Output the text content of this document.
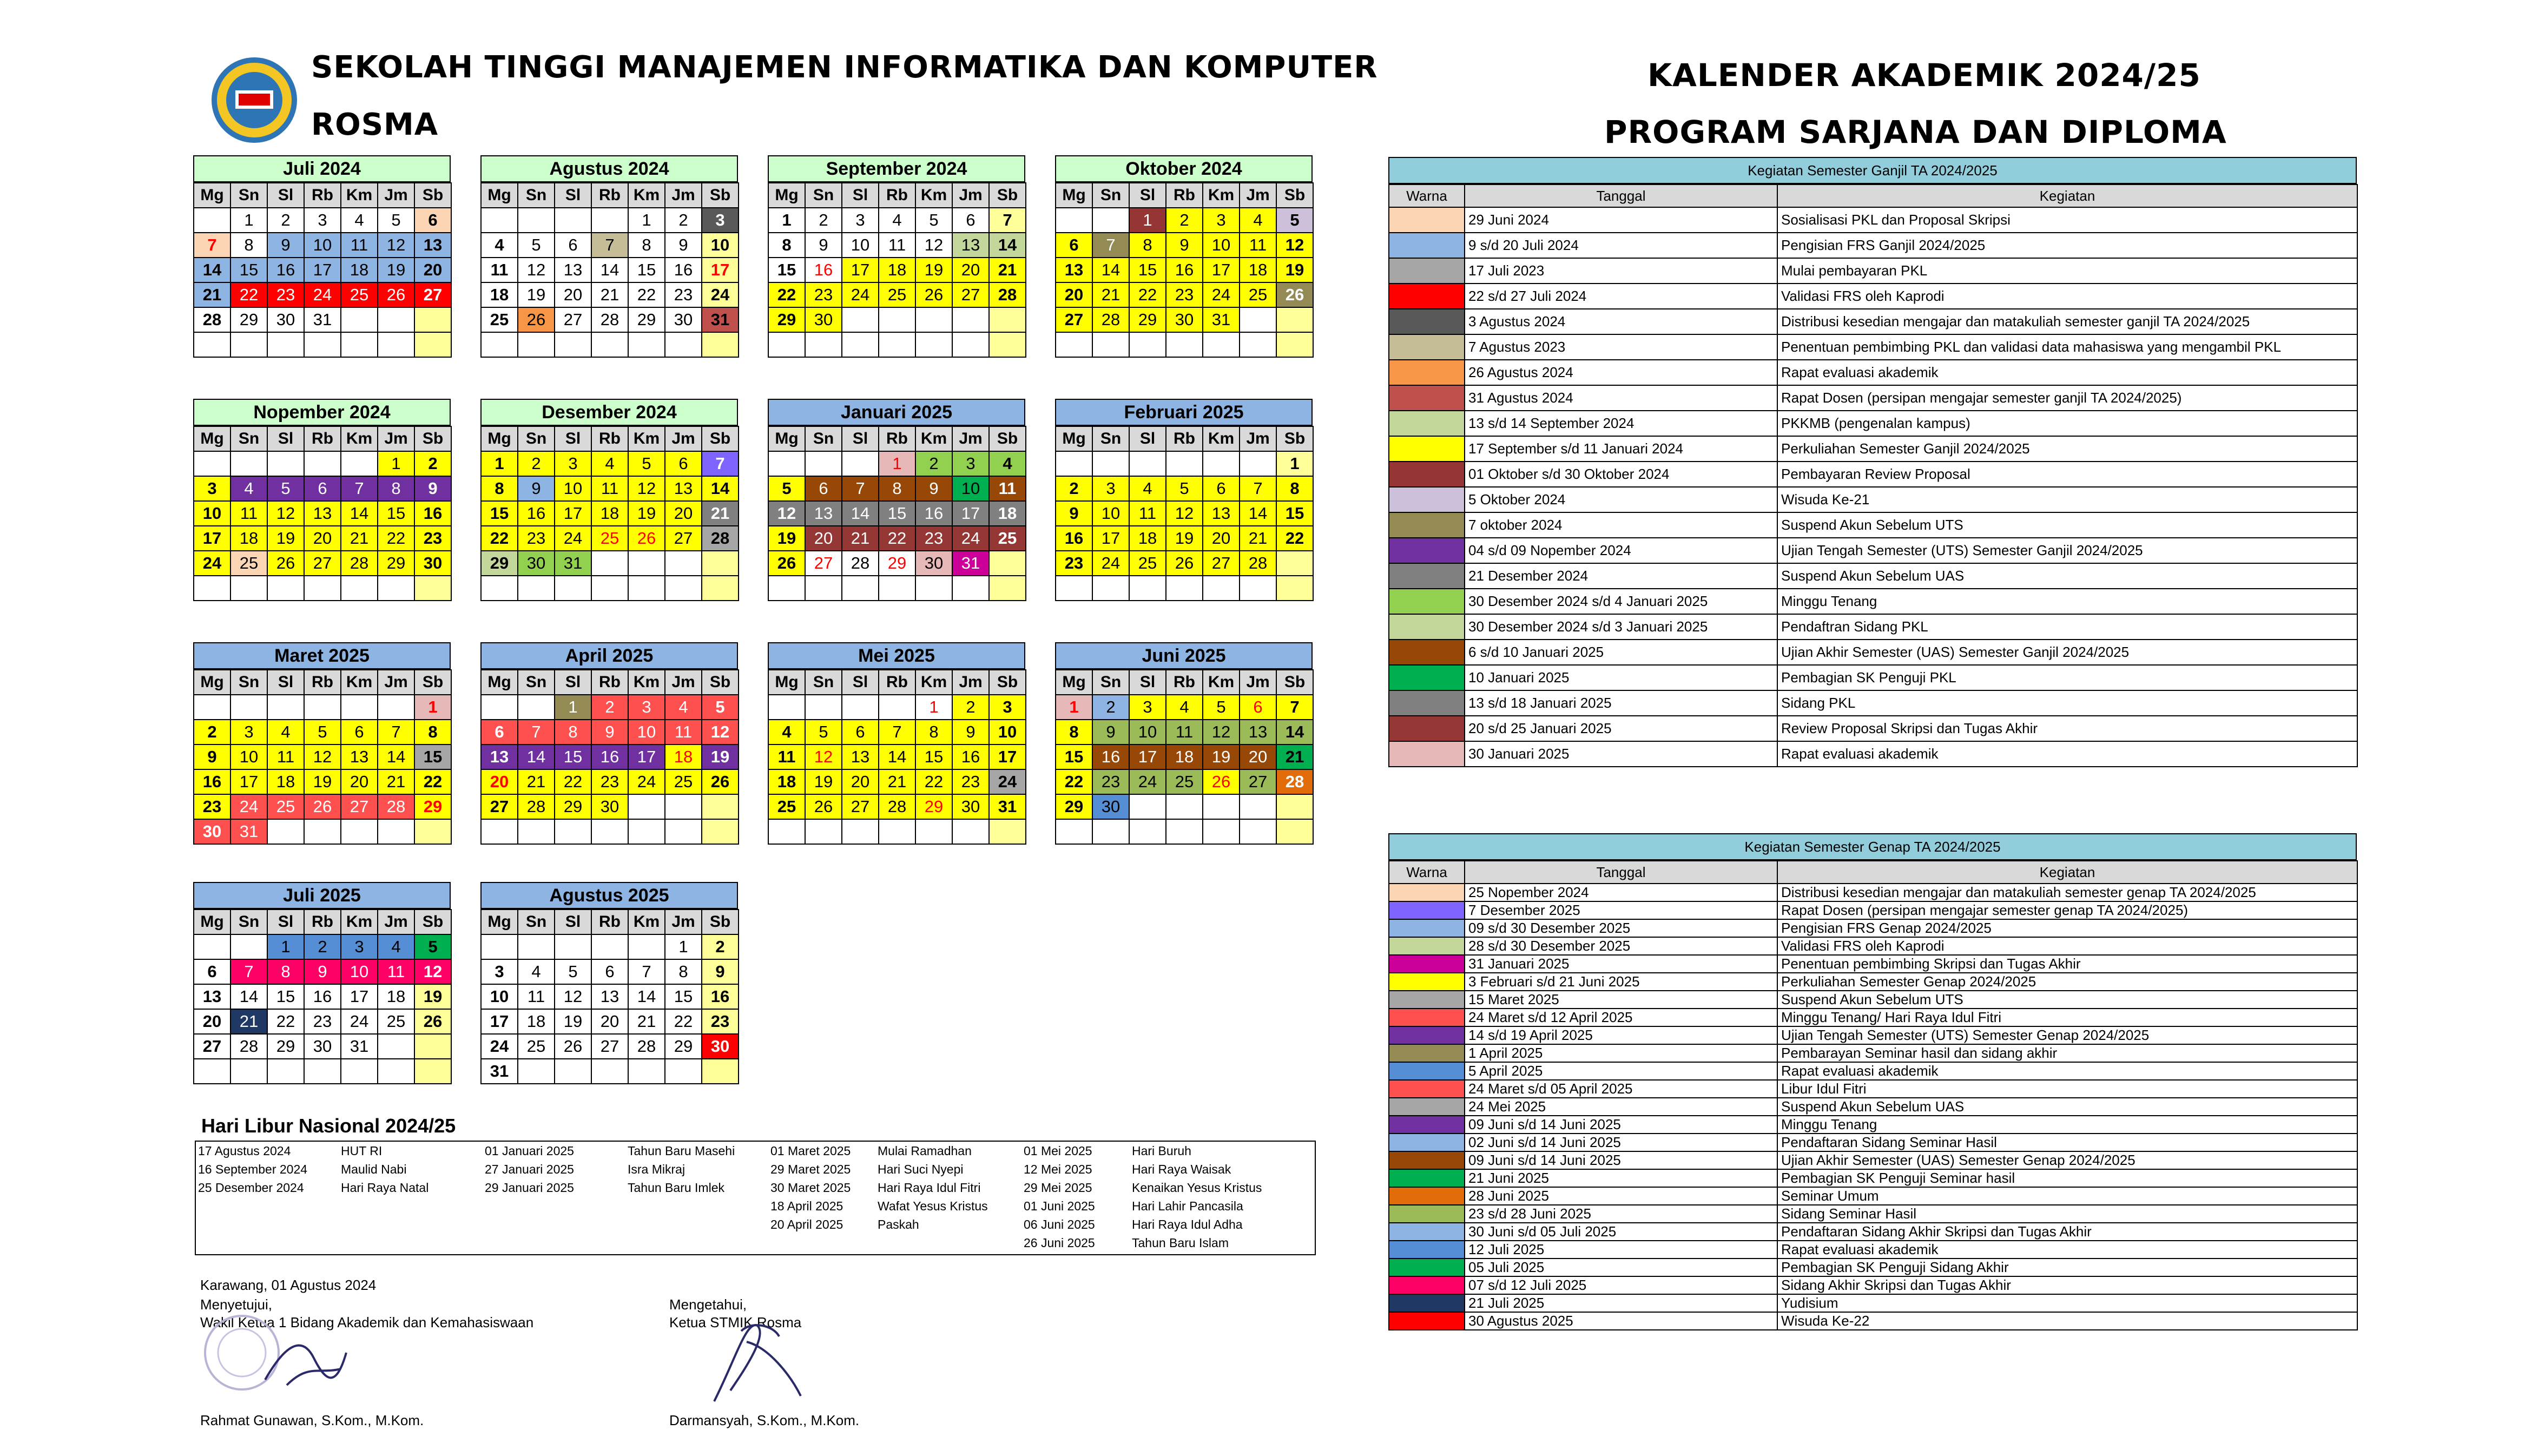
SEKOLAH TINGGI MANAJEMEN INFORMATIKA DAN KOMPUTER
ROSMA
KALENDER AKADEMIK 2024/25
PROGRAM SARJANA DAN DIPLOMA
Juli 2024
Mg	Sn	Sl	Rb	Km	Jm	Sb
	1	2	3	4	5	6
7	8	9	10	11	12	13
14	15	16	17	18	19	20
21	22	23	24	25	26	27
28	29	30	31			

Agustus 2024
Mg	Sn	Sl	Rb	Km	Jm	Sb
				1	2	3
4	5	6	7	8	9	10
11	12	13	14	15	16	17
18	19	20	21	22	23	24
25	26	27	28	29	30	31

September 2024
Mg	Sn	Sl	Rb	Km	Jm	Sb
1	2	3	4	5	6	7
8	9	10	11	12	13	14
15	16	17	18	19	20	21
22	23	24	25	26	27	28
29	30					

Oktober 2024
Mg	Sn	Sl	Rb	Km	Jm	Sb
		1	2	3	4	5
6	7	8	9	10	11	12
13	14	15	16	17	18	19
20	21	22	23	24	25	26
27	28	29	30	31		

Nopember 2024
Mg	Sn	Sl	Rb	Km	Jm	Sb
					1	2
3	4	5	6	7	8	9
10	11	12	13	14	15	16
17	18	19	20	21	22	23
24	25	26	27	28	29	30

Desember 2024
Mg	Sn	Sl	Rb	Km	Jm	Sb
1	2	3	4	5	6	7
8	9	10	11	12	13	14
15	16	17	18	19	20	21
22	23	24	25	26	27	28
29	30	31				

Januari 2025
Mg	Sn	Sl	Rb	Km	Jm	Sb
			1	2	3	4
5	6	7	8	9	10	11
12	13	14	15	16	17	18
19	20	21	22	23	24	25
26	27	28	29	30	31	

Februari 2025
Mg	Sn	Sl	Rb	Km	Jm	Sb
						1
2	3	4	5	6	7	8
9	10	11	12	13	14	15
16	17	18	19	20	21	22
23	24	25	26	27	28	

Maret 2025
Mg	Sn	Sl	Rb	Km	Jm	Sb
						1
2	3	4	5	6	7	8
9	10	11	12	13	14	15
16	17	18	19	20	21	22
23	24	25	26	27	28	29
30	31					
April 2025
Mg	Sn	Sl	Rb	Km	Jm	Sb
		1	2	3	4	5
6	7	8	9	10	11	12
13	14	15	16	17	18	19
20	21	22	23	24	25	26
27	28	29	30			

Mei 2025
Mg	Sn	Sl	Rb	Km	Jm	Sb
				1	2	3
4	5	6	7	8	9	10
11	12	13	14	15	16	17
18	19	20	21	22	23	24
25	26	27	28	29	30	31

Juni 2025
Mg	Sn	Sl	Rb	Km	Jm	Sb
1	2	3	4	5	6	7
8	9	10	11	12	13	14
15	16	17	18	19	20	21
22	23	24	25	26	27	28
29	30					

Juli 2025
Mg	Sn	Sl	Rb	Km	Jm	Sb
		1	2	3	4	5
6	7	8	9	10	11	12
13	14	15	16	17	18	19
20	21	22	23	24	25	26
27	28	29	30	31		

Agustus 2025
Mg	Sn	Sl	Rb	Km	Jm	Sb
					1	2
3	4	5	6	7	8	9
10	11	12	13	14	15	16
17	18	19	20	21	22	23
24	25	26	27	28	29	30
31						
Hari Libur Nasional 2024/25
17 Agustus 2024	HUT RI
16 September 2024	Maulid Nabi
25 Desember 2024	Hari Raya Natal
01 Januari 2025	Tahun Baru Masehi
27 Januari 2025	Isra Mikraj
29 Januari 2025	Tahun Baru Imlek
01 Maret 2025 Mulai Ramadhan
29 Maret 2025 Hari Suci Nyepi
30 Maret 2025 Hari Raya Idul Fitri
18 April 2025	Wafat Yesus Kristus
20 April 2025	Paskah
01 Mei 2025	Hari Buruh
12 Mei 2025	Hari Raya Waisak
29 Mei 2025	Kenaikan Yesus Kristus
01 Juni 2025	Hari Lahir Pancasila
06 Juni 2025	Hari Raya Idul Adha
26 Juni 2025	Tahun Baru Islam
Karawang, 01 Agustus 2024
Menyetujui,
Wakil Ketua 1 Bidang Akademik dan Kemahasiswaan
Mengetahui,
Ketua STMIK Rosma
Rahmat Gunawan, S.Kom., M.Kom.	Darmansyah, S.Kom., M.Kom.
Kegiatan Semester Ganjil TA 2024/2025
Warna	Tanggal	Kegiatan
	29 Juni 2024	Sosialisasi PKL dan Proposal Skripsi
	9 s/d 20 Juli 2024	Pengisian FRS Ganjil 2024/2025
	17 Juli 2023	Mulai pembayaran PKL
	22 s/d 27 Juli 2024	Validasi FRS oleh Kaprodi
	3 Agustus 2024	Distribusi kesedian mengajar dan matakuliah semester ganjil TA 2024/2025
	7 Agustus 2023	Penentuan pembimbing PKL dan validasi data mahasiswa yang mengambil PKL
	26 Agustus 2024	Rapat evaluasi akademik
	31 Agustus 2024	Rapat Dosen (persipan mengajar semester ganjil TA 2024/2025)
	13 s/d 14 September 2024	PKKMB (pengenalan kampus)
	17 September s/d 11 Januari 2024	Perkuliahan Semester Ganjil 2024/2025
	01 Oktober s/d 30 Oktober 2024	Pembayaran Review Proposal
	5 Oktober 2024	Wisuda Ke-21
	7 oktober 2024	Suspend Akun Sebelum UTS
	04 s/d 09 Nopember 2024	Ujian Tengah Semester (UTS) Semester Ganjil 2024/2025
	21 Desember 2024	Suspend Akun Sebelum UAS
	30 Desember 2024 s/d 4 Januari 2025	Minggu Tenang
	30 Desember 2024 s/d 3 Januari 2025	Pendaftran Sidang PKL
	6 s/d 10 Januari 2025	Ujian Akhir Semester (UAS) Semester Ganjil 2024/2025
	10 Januari 2025	Pembagian SK Penguji PKL
	13 s/d 18 Januari 2025	Sidang PKL
	20 s/d 25 Januari 2025	Review Proposal Skripsi dan Tugas Akhir
	30 Januari 2025	Rapat evaluasi akademik
Kegiatan Semester Genap TA 2024/2025
Warna	Tanggal	Kegiatan
	25 Nopember 2024	Distribusi kesedian mengajar dan matakuliah semester genap TA 2024/2025
	7 Desember 2025	Rapat Dosen (persipan mengajar semester genap TA 2024/2025)
	09 s/d 30 Desember 2025	Pengisian FRS Genap 2024/2025
	28 s/d 30 Desember 2025	Validasi FRS oleh Kaprodi
	31 Januari 2025	Penentuan pembimbing Skripsi dan Tugas Akhir
	3 Februari s/d 21 Juni 2025	Perkuliahan Semester Genap 2024/2025
	15 Maret 2025	Suspend Akun Sebelum UTS
	24 Maret s/d 12 April 2025	Minggu Tenang/ Hari Raya Idul Fitri
	14 s/d 19 April 2025	Ujian Tengah Semester (UTS) Semester Genap 2024/2025
	1 April 2025	Pembarayan Seminar hasil dan sidang akhir
	5 April 2025	Rapat evaluasi akademik
	24 Maret s/d 05 April 2025	Libur Idul Fitri
	24 Mei 2025	Suspend Akun Sebelum UAS
	09 Juni s/d 14 Juni 2025	Minggu Tenang
	02 Juni s/d 14 Juni 2025	Pendaftaran Sidang Seminar Hasil
	09 Juni s/d 14 Juni 2025	Ujian Akhir Semester (UAS) Semester Genap 2024/2025
	21 Juni 2025	Pembagian SK Penguji Seminar hasil
	28 Juni 2025	Seminar Umum
	23 s/d 28 Juni 2025	Sidang Seminar Hasil
	30 Juni s/d 05 Juli 2025	Pendaftaran Sidang Akhir Skripsi dan Tugas Akhir
	12 Juli 2025	Rapat evaluasi akademik
	05 Juli 2025	Pembagian SK Penguji Sidang Akhir
	07 s/d 12 Juli 2025	Sidang Akhir Skripsi dan Tugas Akhir
	21 Juli 2025	Yudisium
	30 Agustus 2025	Wisuda Ke-22
